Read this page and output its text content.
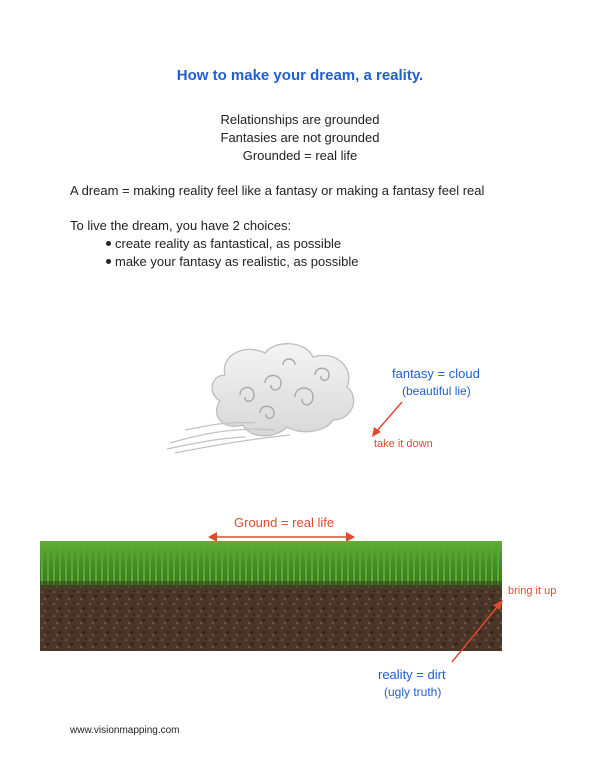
How to make your dream, a reality.
Relationships are grounded
Fantasies are not grounded
Grounded = real life
A dream = making reality feel like a fantasy or making a fantasy feel real
To live the dream, you have 2 choices:
create reality as fantastical, as possible
make your fantasy as realistic, as possible
fantasy = cloud
(beautiful lie)
take it down
Ground = real life
bring it up
reality = dirt
(ugly truth)
www.visionmapping.com
